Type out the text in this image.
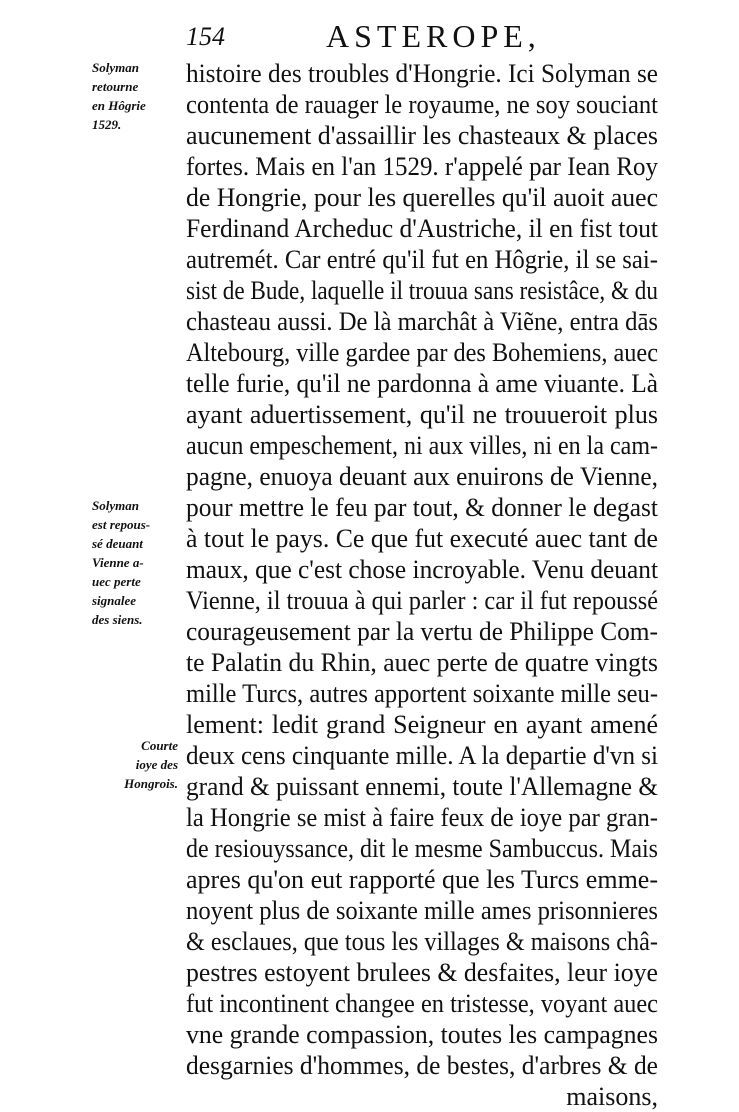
154	ASTEROPE,
Solyman
retourne
en Hôgrie
1529.
Solyman
est repous-
sé deuant
Vienne a-
uec perte
signalee
des siens.
Courte
ioye des
Hongrois.
histoire des troubles d'Hongrie. Ici Solyman se
contenta de rauager le royaume, ne soy souciant
aucunement d'assaillir les chasteaux & places
fortes. Mais en l'an 1529. r'appelé par Iean Roy
de Hongrie, pour les querelles qu'il auoit auec
Ferdinand Archeduc d'Austriche, il en fist tout
autremét. Car entré qu'il fut en Hôgrie, il se sai-
sist de Bude, laquelle il trouua sans resistâce, & du
chasteau aussi. De là marchât à Viẽne, entra dās
Altebourg, ville gardee par des Bohemiens, auec
telle furie, qu'il ne pardonna à ame viuante. Là
ayant aduertissement, qu'il ne trouueroit plus
aucun empeschement, ni aux villes, ni en la cam-
pagne, enuoya deuant aux enuirons de Vienne,
pour mettre le feu par tout, & donner le degast
à tout le pays. Ce que fut executé auec tant de
maux, que c'est chose incroyable. Venu deuant
Vienne, il trouua à qui parler : car il fut repoussé
courageusement par la vertu de Philippe Com-
te Palatin du Rhin, auec perte de quatre vingts
mille Turcs, autres apportent soixante mille seu-
lement: ledit grand Seigneur en ayant amené
deux cens cinquante mille. A la departie d'vn si
grand & puissant ennemi, toute l'Allemagne &
la Hongrie se mist à faire feux de ioye par gran-
de resiouyssance, dit le mesme Sambuccus. Mais
apres qu'on eut rapporté que les Turcs emme-
noyent plus de soixante mille ames prisonnieres
& esclaues, que tous les villages & maisons châ-
pestres estoyent brulees & desfaites, leur ioye
fut incontinent changee en tristesse, voyant auec
vne grande compassion, toutes les campagnes
desgarnies d'hommes, de bestes, d'arbres & de
maisons,
